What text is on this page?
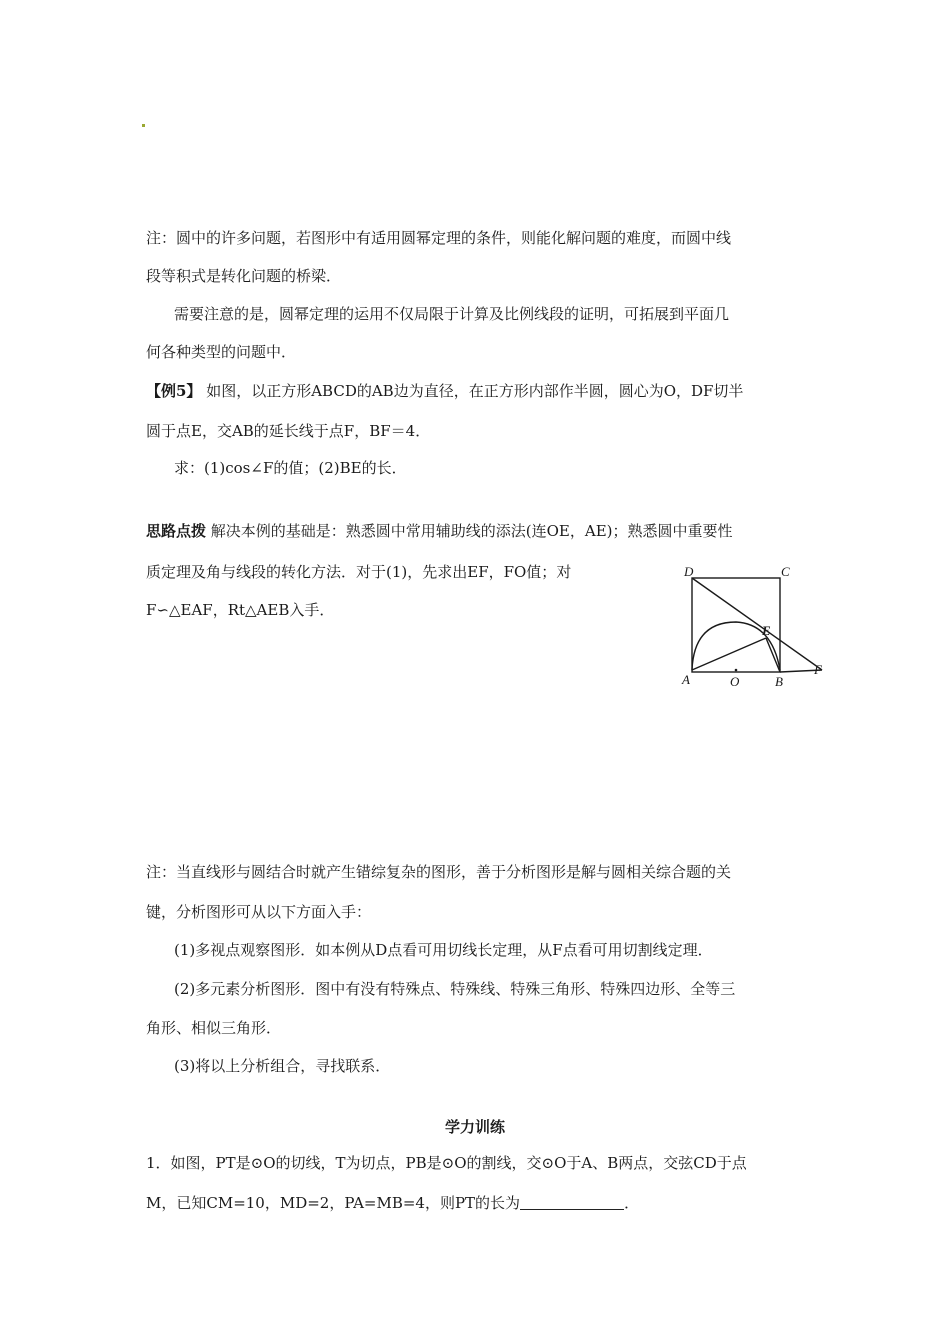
注：圆中的许多问题，若图形中有适用圆幂定理的条件，则能化解问题的难度，而圆中线
段等积式是转化问题的桥梁．
需要注意的是，圆幂定理的运用不仅局限于计算及比例线段的证明，可拓展到平面几
何各种类型的问题中．
【例5】 如图，以正方形ABCD的AB边为直径，在正方形内部作半圆，圆心为O，DF切半
圆于点E，交AB的延长线于点F，BF＝4．
求：(1)cos∠F的值；(2)BE的长．
思路点拨 解决本例的基础是：熟悉圆中常用辅助线的添法(连OE，AE)；熟悉圆中重要性
质定理及角与线段的转化方法．对于(1)，先求出EF，FO值；对
F∽△EAF，Rt△AEB入手．
D	C
E
A	O	B
F
注：当直线形与圆结合时就产生错综复杂的图形，善于分析图形是解与圆相关综合题的关
键，分析图形可从以下方面入手：
(1)多视点观察图形．如本例从D点看可用切线长定理，从F点看可用切割线定理．
(2)多元素分析图形．图中有没有特殊点、特殊线、特殊三角形、特殊四边形、全等三
角形、相似三角形．
(3)将以上分析组合，寻找联系．
学力训练
1．如图，PT是⊙O的切线，T为切点，PB是⊙O的割线，交⊙O于A、B两点，交弦CD于点
M，已知CM=10，MD=2，PA=MB=4，则PT的长为	．
